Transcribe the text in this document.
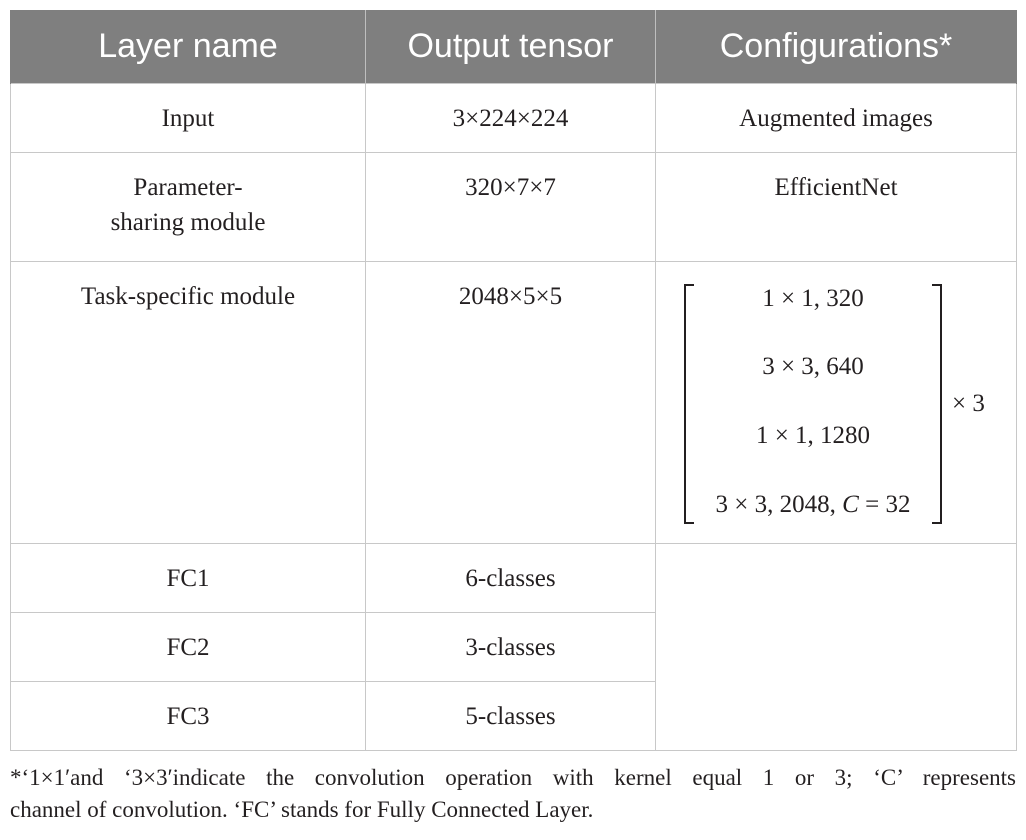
Layer name	Output tensor	Configurations*

Input	3×224×224	Augmented images

Parameter-
sharing module	320×7×7	EfficientNet

Task-specific module	2048×5×5	1 × 1, 320
3 × 3, 640
1 × 1, 1280
3 × 3, 2048, C = 32
× 3

FC1	6-classes	

FC2	3-classes	

FC3	5-classes	
*‘1×1′and ‘3×3′indicate the convolution operation with kernel equal 1 or 3; ‘C’ represents
channel of convolution. ‘FC’ stands for Fully Connected Layer.
